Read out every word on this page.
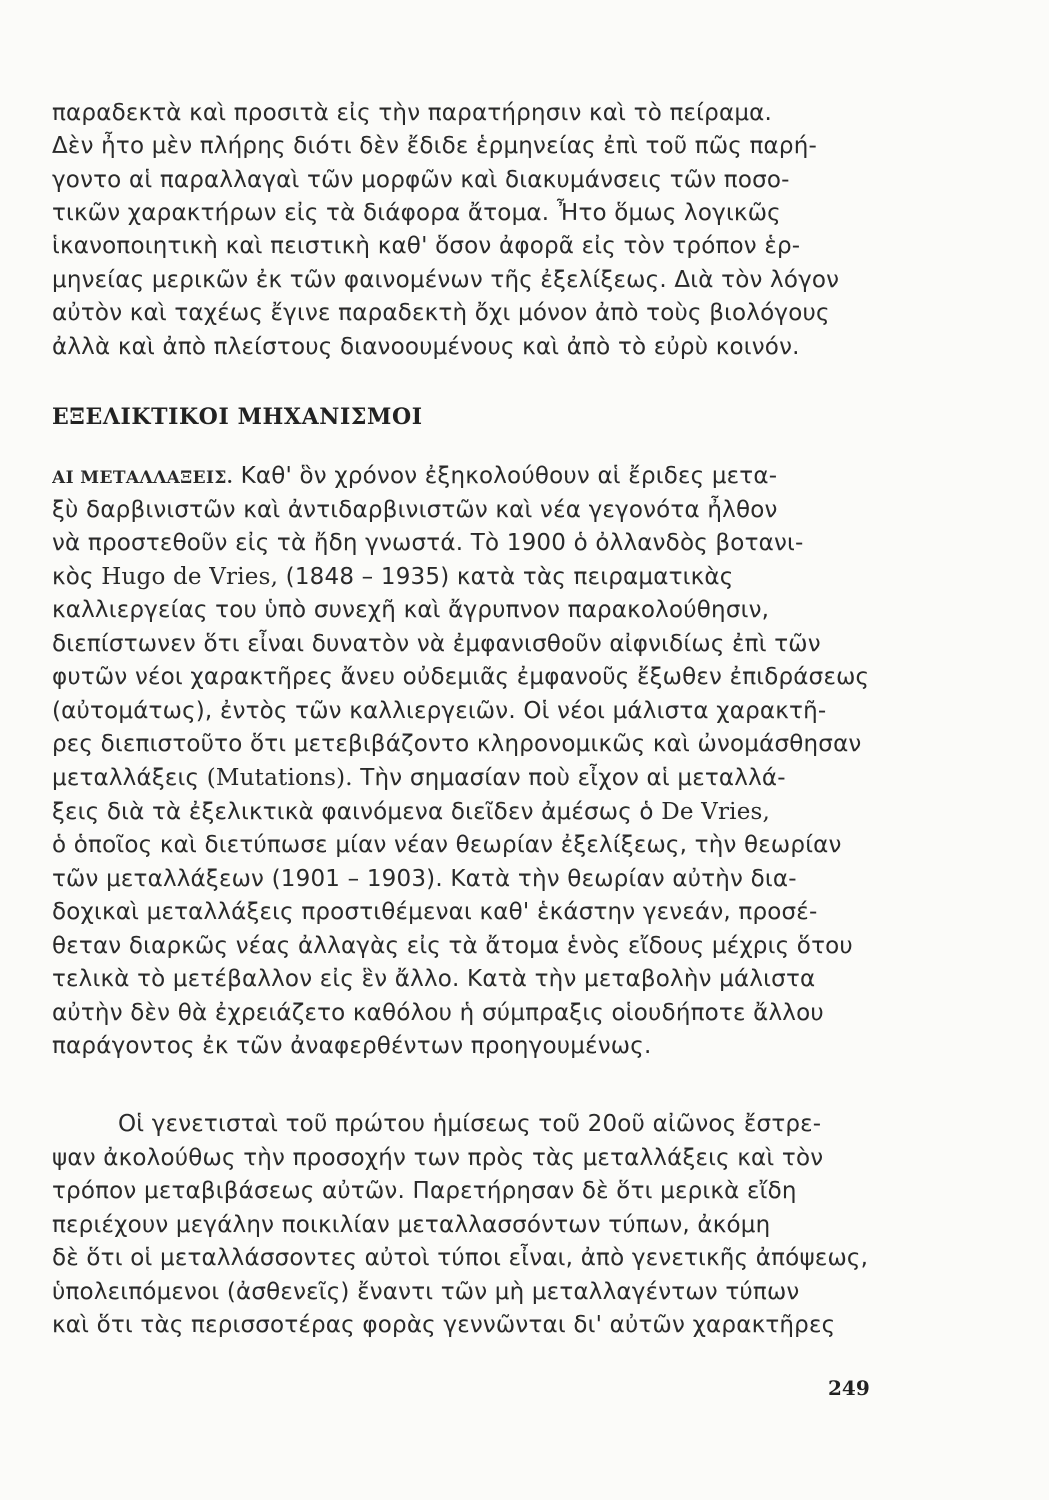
παραδεκτὰ καὶ προσιτὰ εἰς τὴν παρατήρησιν καὶ τὸ πείραμα.
Δὲν ἦτο μὲν πλήρης διότι δὲν ἔδιδε ἑρμηνείας ἐπὶ τοῦ πῶς παρή-
γοντο αἱ παραλλαγαὶ τῶν μορφῶν καὶ διακυμάνσεις τῶν ποσο-
τικῶν χαρακτήρων εἰς τὰ διάφορα ἄτομα. Ἦτο ὅμως λογικῶς
ἱκανοποιητικὴ καὶ πειστικὴ καθ' ὅσον ἀφορᾶ εἰς τὸν τρόπον ἑρ-
μηνείας μερικῶν ἐκ τῶν φαινομένων τῆς ἐξελίξεως. Διὰ τὸν λόγον
αὐτὸν καὶ ταχέως ἔγινε παραδεκτὴ ὄχι μόνον ἀπὸ τοὺς βιολόγους
ἀλλὰ καὶ ἀπὸ πλείστους διανοουμένους καὶ ἀπὸ τὸ εὐρὺ κοινόν.
ΕΞΕΛΙΚΤΙΚΟΙ ΜΗΧΑΝΙΣΜΟΙ
ΑΙ ΜΕΤΑΛΛΑΞΕΙΣ. Καθ' ὃν χρόνον ἐξηκολούθουν αἱ ἔριδες μετα-
ξὺ δαρβινιστῶν καὶ ἀντιδαρβινιστῶν καὶ νέα γεγονότα ἦλθον
νὰ προστεθοῦν εἰς τὰ ἤδη γνωστά. Τὸ 1900 ὁ ὀλλανδὸς βοτανι-
κὸς Hugo de Vries, (1848 – 1935) κατὰ τὰς πειραματικὰς
καλλιεργείας του ὑπὸ συνεχῆ καὶ ἄγρυπνον παρακολούθησιν,
διεπίστωνεν ὅτι εἶναι δυνατὸν νὰ ἐμφανισθοῦν αἰφνιδίως ἐπὶ τῶν
φυτῶν νέοι χαρακτῆρες ἄνευ οὐδεμιᾶς ἐμφανοῦς ἔξωθεν ἐπιδράσεως
(αὐτομάτως), ἐντὸς τῶν καλλιεργειῶν. Οἱ νέοι μάλιστα χαρακτῆ-
ρες διεπιστοῦτο ὅτι μετεβιβάζοντο κληρονομικῶς καὶ ὠνομάσθησαν
μεταλλάξεις (Mutations). Τὴν σημασίαν ποὺ εἶχον αἱ μεταλλά-
ξεις διὰ τὰ ἐξελικτικὰ φαινόμενα διεῖδεν ἀμέσως ὁ De Vries,
ὁ ὁποῖος καὶ διετύπωσε μίαν νέαν θεωρίαν ἐξελίξεως, τὴν θεωρίαν
τῶν μεταλλάξεων (1901 – 1903). Κατὰ τὴν θεωρίαν αὐτὴν δια-
δοχικαὶ μεταλλάξεις προστιθέμεναι καθ' ἑκάστην γενεάν, προσέ-
θεταν διαρκῶς νέας ἀλλαγὰς εἰς τὰ ἄτομα ἑνὸς εἴδους μέχρις ὅτου
τελικὰ τὸ μετέβαλλον εἰς ἓν ἄλλο. Κατὰ τὴν μεταβολὴν μάλιστα
αὐτὴν δὲν θὰ ἐχρειάζετο καθόλου ἡ σύμπραξις οἱουδήποτε ἄλλου
παράγοντος ἐκ τῶν ἀναφερθέντων προηγουμένως.
Οἱ γενετισταὶ τοῦ πρώτου ἡμίσεως τοῦ 20οῦ αἰῶνος ἔστρε-
ψαν ἀκολούθως τὴν προσοχήν των πρὸς τὰς μεταλλάξεις καὶ τὸν
τρόπον μεταβιβάσεως αὐτῶν. Παρετήρησαν δὲ ὅτι μερικὰ εἴδη
περιέχουν μεγάλην ποικιλίαν μεταλλασσόντων τύπων, ἀκόμη
δὲ ὅτι οἱ μεταλλάσσοντες αὐτοὶ τύποι εἶναι, ἀπὸ γενετικῆς ἀπόψεως,
ὑπολειπόμενοι (ἀσθενεῖς) ἔναντι τῶν μὴ μεταλλαγέντων τύπων
καὶ ὅτι τὰς περισσοτέρας φορὰς γεννῶνται δι' αὐτῶν χαρακτῆρες
249
